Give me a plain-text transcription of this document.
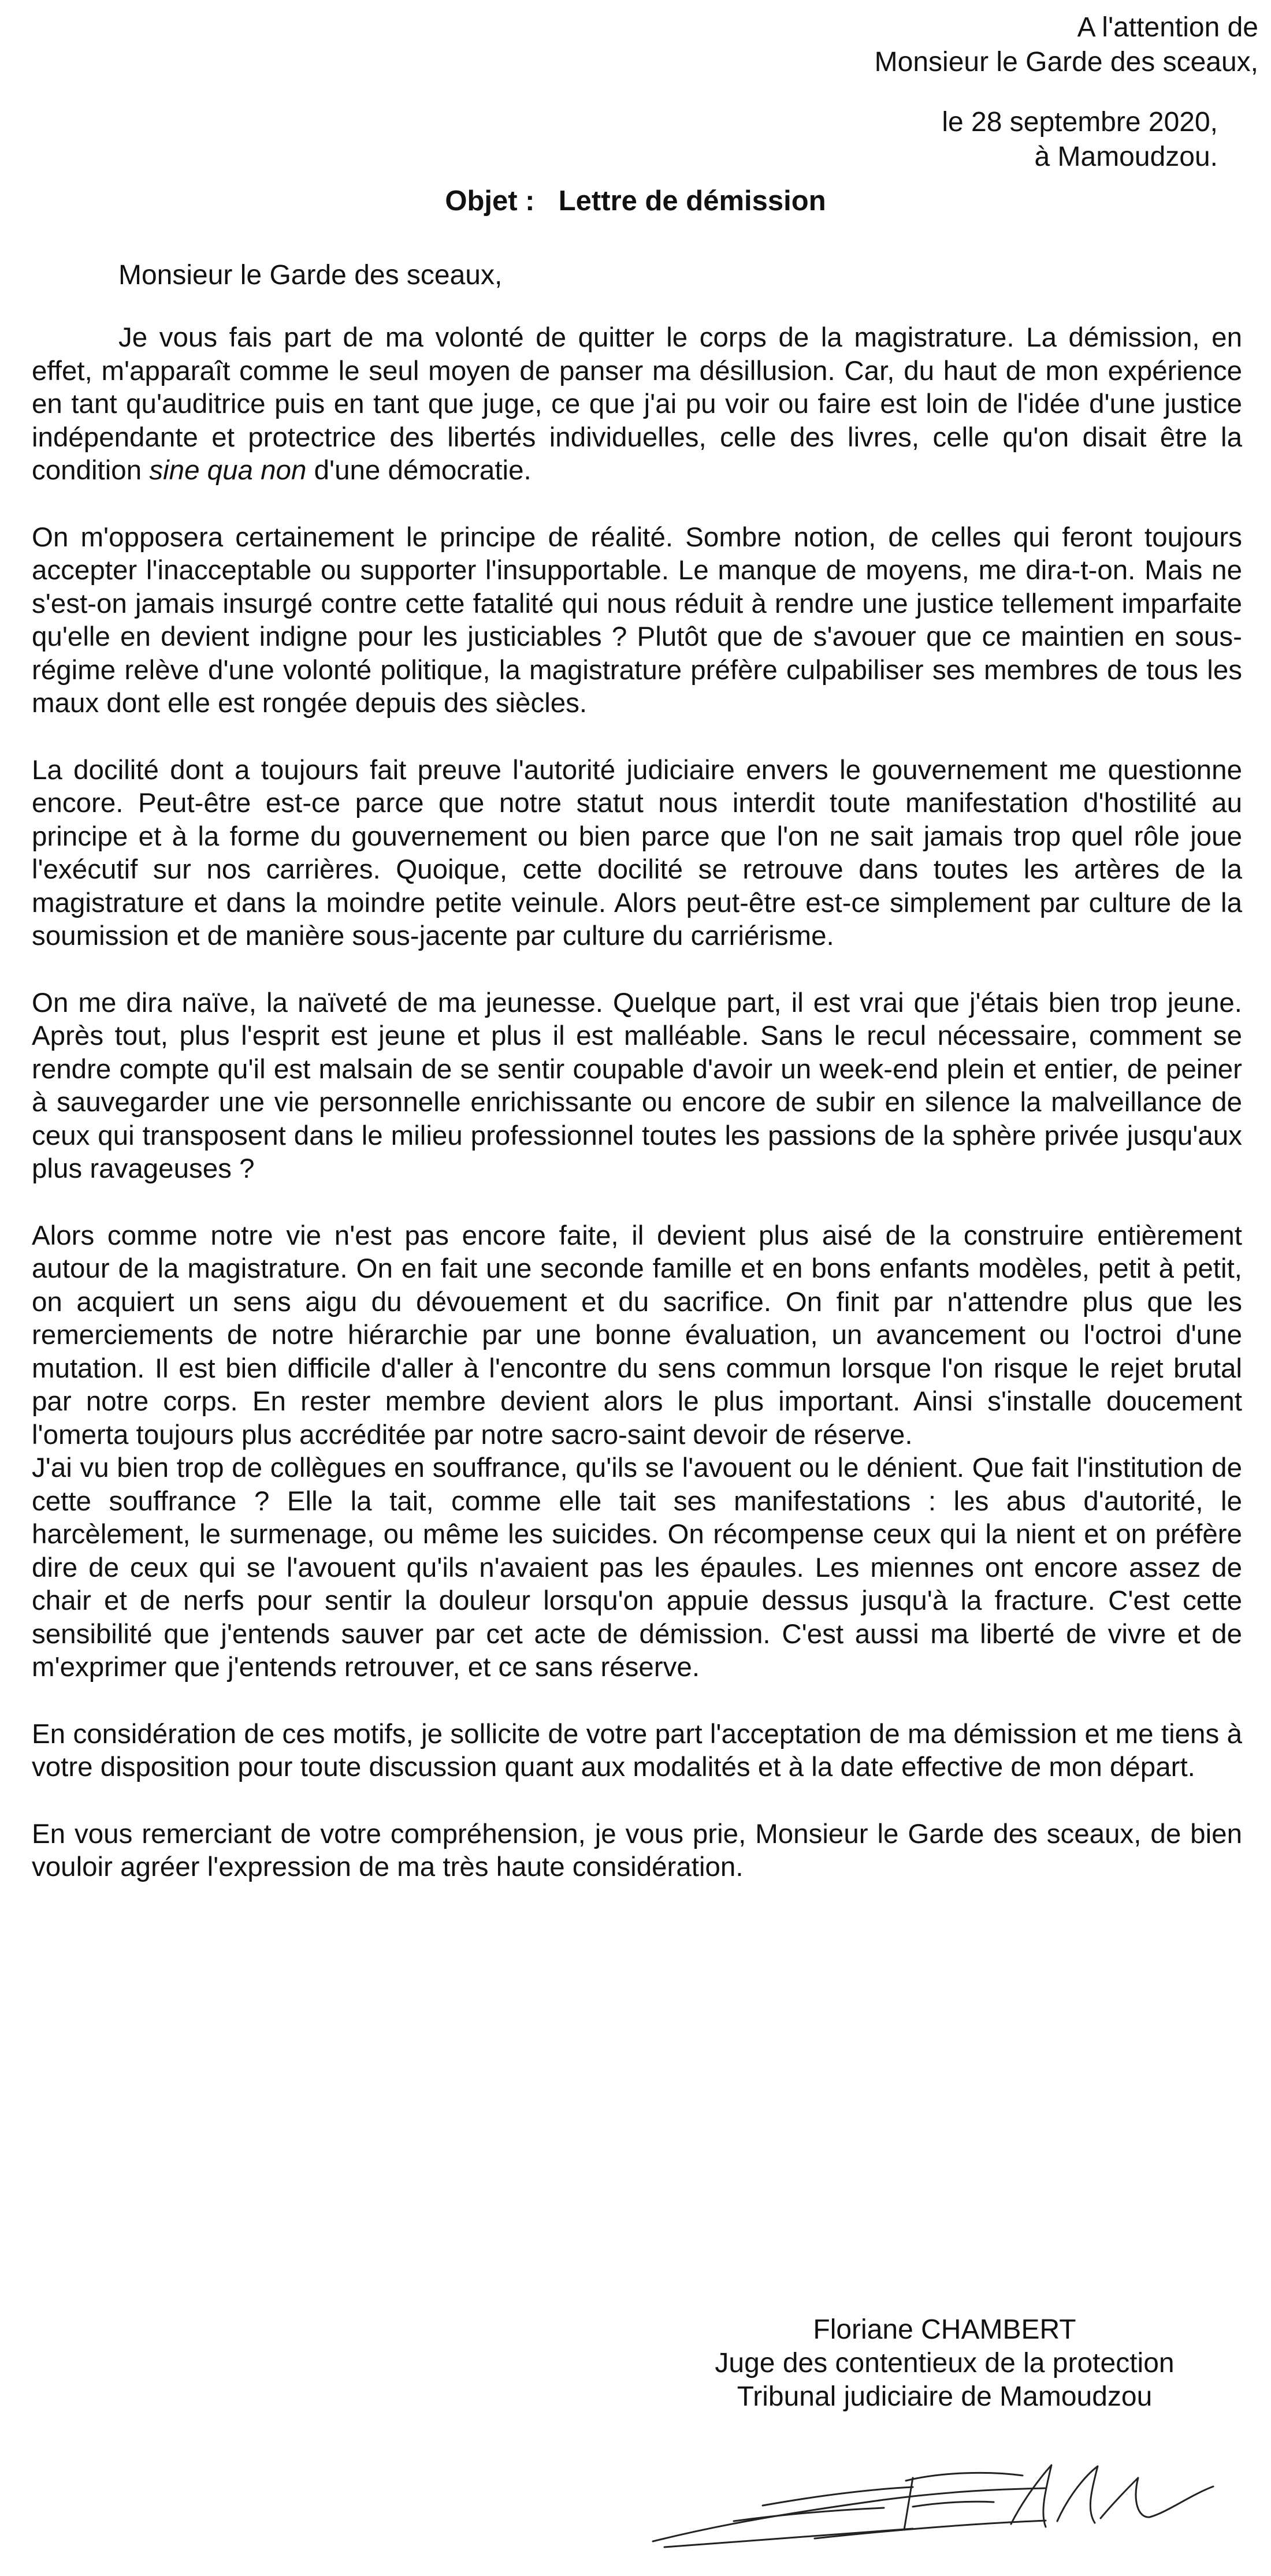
A l'attention de
Monsieur le Garde des sceaux,
le 28 septembre 2020,
à Mamoudzou.
Objet : Lettre de démission
Monsieur le Garde des sceaux,

Je vous fais part de ma volonté de quitter le corps de la magistrature. La démission, en effet, m'apparaît comme le seul moyen de panser ma désillusion. Car, du haut de mon expérience en tant qu'auditrice puis en tant que juge, ce que j'ai pu voir ou faire est loin de l'idée d'une justice indépendante et protectrice des libertés individuelles, celle des livres, celle qu'on disait être la condition sine qua non d'une démocratie.

On m'opposera certainement le principe de réalité. Sombre notion, de celles qui feront toujours accepter l'inacceptable ou supporter l'insupportable. Le manque de moyens, me dira-t-on. Mais ne s'est-on jamais insurgé contre cette fatalité qui nous réduit à rendre une justice tellement imparfaite qu'elle en devient indigne pour les justiciables ? Plutôt que de s'avouer que ce maintien en sous-régime relève d'une volonté politique, la magistrature préfère culpabiliser ses membres de tous les maux dont elle est rongée depuis des siècles.

La docilité dont a toujours fait preuve l'autorité judiciaire envers le gouvernement me questionne encore. Peut-être est-ce parce que notre statut nous interdit toute manifestation d'hostilité au principe et à la forme du gouvernement ou bien parce que l'on ne sait jamais trop quel rôle joue l'exécutif sur nos carrières. Quoique, cette docilité se retrouve dans toutes les artères de la magistrature et dans la moindre petite veinule. Alors peut-être est-ce simplement par culture de la soumission et de manière sous-jacente par culture du carriérisme.

On me dira naïve, la naïveté de ma jeunesse. Quelque part, il est vrai que j'étais bien trop jeune. Après tout, plus l'esprit est jeune et plus il est malléable. Sans le recul nécessaire, comment se rendre compte qu'il est malsain de se sentir coupable d'avoir un week-end plein et entier, de peiner à sauvegarder une vie personnelle enrichissante ou encore de subir en silence la malveillance de ceux qui transposent dans le milieu professionnel toutes les passions de la sphère privée jusqu'aux plus ravageuses ?

Alors comme notre vie n'est pas encore faite, il devient plus aisé de la construire entièrement autour de la magistrature. On en fait une seconde famille et en bons enfants modèles, petit à petit, on acquiert un sens aigu du dévouement et du sacrifice. On finit par n'attendre plus que les remerciements de notre hiérarchie par une bonne évaluation, un avancement ou l'octroi d'une mutation. Il est bien difficile d'aller à l'encontre du sens commun lorsque l'on risque le rejet brutal par notre corps. En rester membre devient alors le plus important. Ainsi s'installe doucement l'omerta toujours plus accréditée par notre sacro-saint devoir de réserve.

J'ai vu bien trop de collègues en souffrance, qu'ils se l'avouent ou le dénient. Que fait l'institution de cette souffrance ? Elle la tait, comme elle tait ses manifestations : les abus d'autorité, le harcèlement, le surmenage, ou même les suicides. On récompense ceux qui la nient et on préfère dire de ceux qui se l'avouent qu'ils n'avaient pas les épaules. Les miennes ont encore assez de chair et de nerfs pour sentir la douleur lorsqu'on appuie dessus jusqu'à la fracture. C'est cette sensibilité que j'entends sauver par cet acte de démission. C'est aussi ma liberté de vivre et de m'exprimer que j'entends retrouver, et ce sans réserve.

En considération de ces motifs, je sollicite de votre part l'acceptation de ma démission et me tiens à votre disposition pour toute discussion quant aux modalités et à la date effective de mon départ.

En vous remerciant de votre compréhension, je vous prie, Monsieur le Garde des sceaux, de bien vouloir agréer l'expression de ma très haute considération.

Floriane CHAMBERT
Juge des contentieux de la protection
Tribunal judiciaire de Mamoudzou
